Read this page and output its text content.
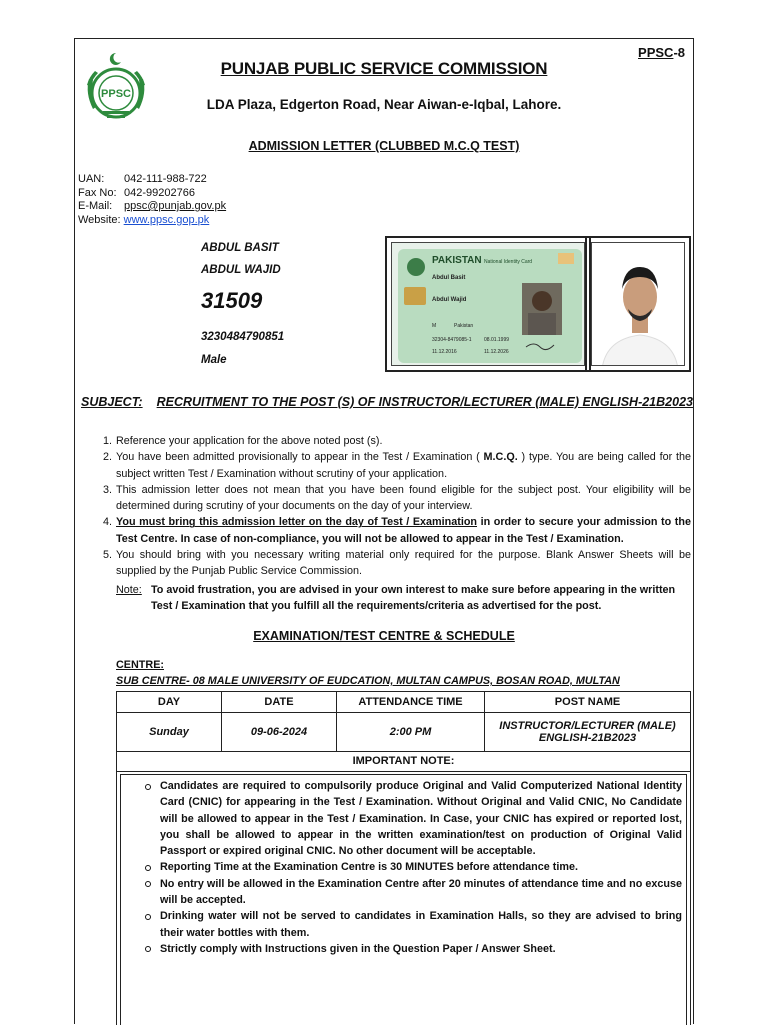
PPSC-8
PPSC
PUNJAB PUBLIC SERVICE COMMISSION
LDA Plaza, Edgerton Road, Near Aiwan-e-Iqbal, Lahore.
ADMISSION LETTER (CLUBBED M.C.Q TEST)
UAN: 042-111-988-722
Fax No: 042-99202766
E-Mail: ppsc@punjab.gov.pk
Website: www.ppsc.gop.pk
ABDUL BASIT
ABDUL WAJID
31509
3230484790851
Male
PAKISTAN National Identity Card
Abdul Basit
Abdul Wajid
M	Pakistan
32304-8479085-1	08.01.1999
11.12.2016	11.12.2026
SUBJECT: RECRUITMENT TO THE POST (S) OF INSTRUCTOR/LECTURER (MALE) ENGLISH-21B2023
1. Reference your application for the above noted post (s).
2. You have been admitted provisionally to appear in the Test / Examination ( M.C.Q. ) type. You are being called for the subject written Test / Examination without scrutiny of your application.
3. This admission letter does not mean that you have been found eligible for the subject post. Your eligibility will be determined during scrutiny of your documents on the day of your interview.
4. You must bring this admission letter on the day of Test / Examination in order to secure your admission to the Test Centre. In case of non-compliance, you will not be allowed to appear in the Test / Examination.
5. You should bring with you necessary writing material only required for the purpose. Blank Answer Sheets will be supplied by the Punjab Public Service Commission.
Note: To avoid frustration, you are advised in your own interest to make sure before appearing in the written Test / Examination that you fulfill all the requirements/criteria as advertised for the post.
EXAMINATION/TEST CENTRE & SCHEDULE
CENTRE:
SUB CENTRE- 08 MALE UNIVERSITY OF EUDCATION, MULTAN CAMPUS, BOSAN ROAD, MULTAN
DAY	DATE	ATTENDANCE TIME	POST NAME
Sunday	09-06-2024	2:00 PM	INSTRUCTOR/LECTURER (MALE) ENGLISH-21B2023
IMPORTANT NOTE:
Candidates are required to compulsorily produce Original and Valid Computerized National Identity Card (CNIC) for appearing in the Test / Examination. Without Original and Valid CNIC, No Candidate will be allowed to appear in the Test / Examination. In Case, your CNIC has expired or reported lost, you shall be allowed to appear in the written examination/test on production of Original Valid Passport or expired original CNIC. No other document will be acceptable.
Reporting Time at the Examination Centre is 30 MINUTES before attendance time.
No entry will be allowed in the Examination Centre after 20 minutes of attendance time and no excuse will be accepted.
Drinking water will not be served to candidates in Examination Halls, so they are advised to bring their water bottles with them.
Strictly comply with Instructions given in the Question Paper / Answer Sheet.
